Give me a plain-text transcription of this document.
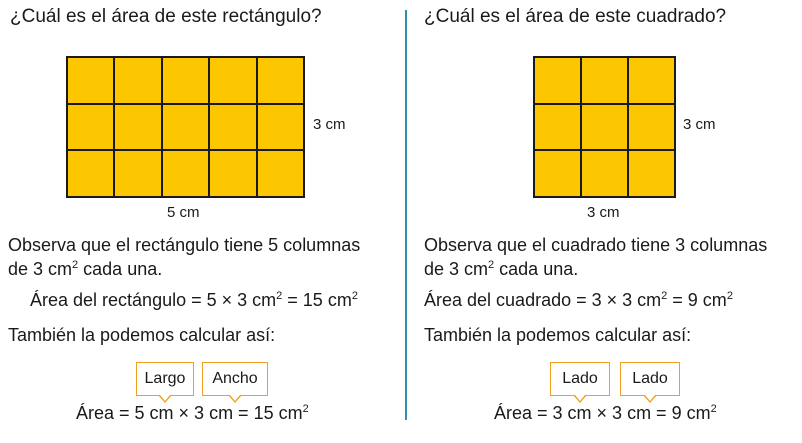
¿Cuál es el área de este rectángulo?
3 cm
5 cm
Observa que el rectángulo tiene 5 columnas
de 3 $cm^2$ cada una.
Área del rectángulo = 5 × 3 $cm^2 = 15$ $cm^2$
También la podemos calcular así:
Largo	Ancho
Área = 5 cm × 3 cm = 15 $cm^2$
¿Cuál es el área de este cuadrado?
3 cm
3 cm
Observa que el cuadrado tiene 3 columnas
de 3 $cm^2$ cada una.
Área del cuadrado = 3 × 3 $cm^2 = 9$ $cm^2$
También la podemos calcular así:
Lado	Lado
Área = 3 cm × 3 cm = 9 $cm^2$
